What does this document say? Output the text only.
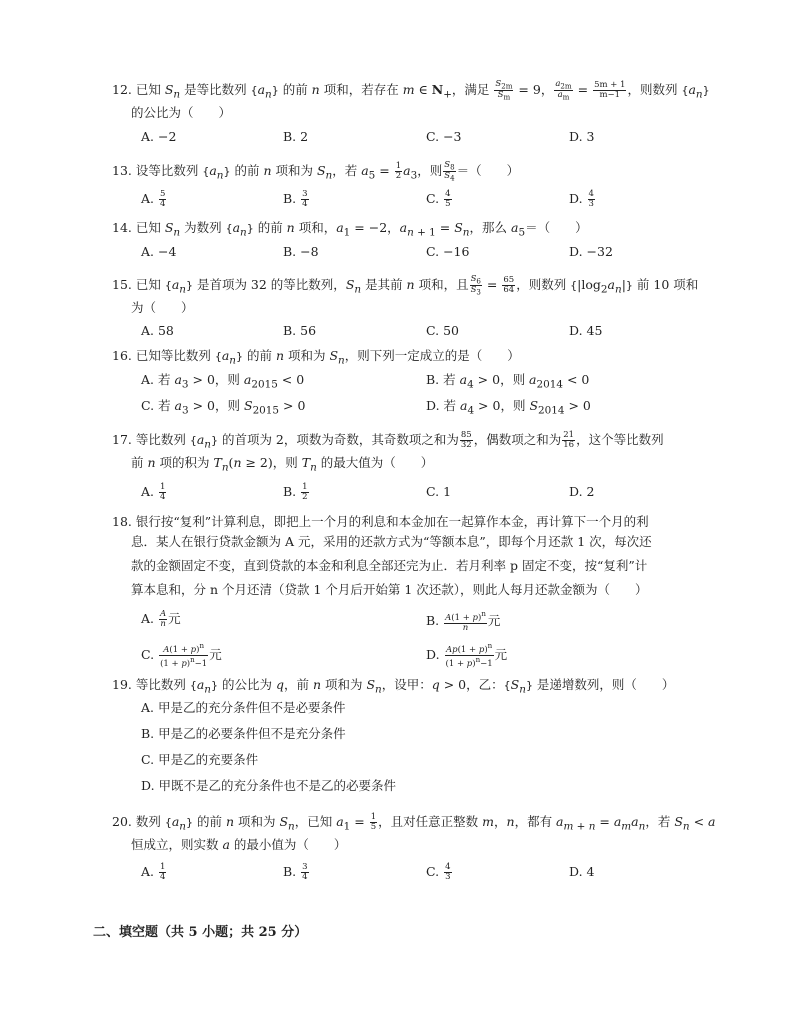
12. 已知 $S_n$ 是等比数列 $\{a_n\}$ 的前 n 项和，若存在 m ∈ $N_+$，满足 $\frac{S_{2m}}{S_m} = 9$， $\frac{a_{2m}}{a_m} = \frac{5m + 1}{m-1}$ ，则数列 $\{a_n\}$
的公比为（　　）
A. −2	B. 2	C. −3	D. 3
13. 设等比数列 $\{a_n\}$ 的前 n 项和为 $S_n$，若 $a_5 = \frac{1}{2} a_3$，则 $\frac{S_8}{S_4}$ ＝（　　）
A. $\frac{5}{4}$	B. $\frac{3}{4}$	C. $\frac{4}{5}$	D. $\frac{4}{3}$
14. 已知 $S_n$ 为数列 $\{a_n\}$ 的前 n 项和，$a_1 = -2$，$a_{n + 1} = S_n$，那么 $a_5=$（　　）
A. −4	B. −8	C. −16	D. −32
15. 已知 $\{a_n\}$ 是首项为 32 的等比数列，$S_n$ 是其前 n 项和，且 $\frac{S_6}{S_3} = \frac{65}{64}$ ，则数列 $\{|\log_2a_n|\}$ 前 10 项和
为（　　）
A. 58	B. 56	C. 50	D. 45
16. 已知等比数列 $\{a_n\}$ 的前 n 项和为 $S_n$，则下列一定成立的是（　　）
A. 若 $a_3 > 0$，则 $a_{2015} < 0$	B. 若 $a_4 > 0$，则 $a_{2014} < 0$
C. 若 $a_3 > 0$，则 $S_{2015} > 0$	D. 若 $a_4 > 0$，则 $S_{2014} > 0$
17. 等比数列 $\{a_n\}$ 的首项为 2，项数为奇数，其奇数项之和为 $\frac{85}{32}$ ，偶数项之和为 $\frac{21}{16}$ ，这个等比数列
前 n 项的积为 $T_n(n \ge 2)$，则 $T_n$ 的最大值为（　　）
A. $\frac{1}{4}$	B. $\frac{1}{2}$	C. 1	D. 2
18. 银行按“复利”计算利息，即把上一个月的利息和本金加在一起算作本金，再计算下一个月的利
息．某人在银行贷款金额为 A 元，采用的还款方式为“等额本息”，即每个月还款 1 次，每次还
款的金额固定不变，直到贷款的本金和利息全部还完为止．若月利率 p 固定不变，按“复利”计
算本息和，分 n 个月还清（贷款 1 个月后开始第 1 次还款），则此人每月还款金额为（　　）
A. $\frac{A}{n}$ 元	B. $\frac{A(1 + p)^n}{n}$ 元
C. $\frac{A(1 + p)^n}{(1 + p)^n-1}$ 元	D. $\frac{Ap(1 + p)^n}{(1 + p)^n-1}$ 元
19. 等比数列 $\{a_n\}$ 的公比为 q，前 n 项和为 $S_n$，设甲：q > 0，乙：$\{S_n\}$ 是递增数列，则（　　）
A. 甲是乙的充分条件但不是必要条件
B. 甲是乙的必要条件但不是充分条件
C. 甲是乙的充要条件
D. 甲既不是乙的充分条件也不是乙的必要条件
20. 数列 $\{a_n\}$ 的前 n 项和为 $S_n$，已知 $a_1 = \frac{1}{5}$ ，且对任意正整数 m，n，都有 $a_{m + n} = a_ma_n$，若 $S_n < a$
恒成立，则实数 a 的最小值为（　　）
A. $\frac{1}{4}$	B. $\frac{3}{4}$	C. $\frac{4}{3}$	D. 4
二、填空题（共 5 小题；共 25 分）
